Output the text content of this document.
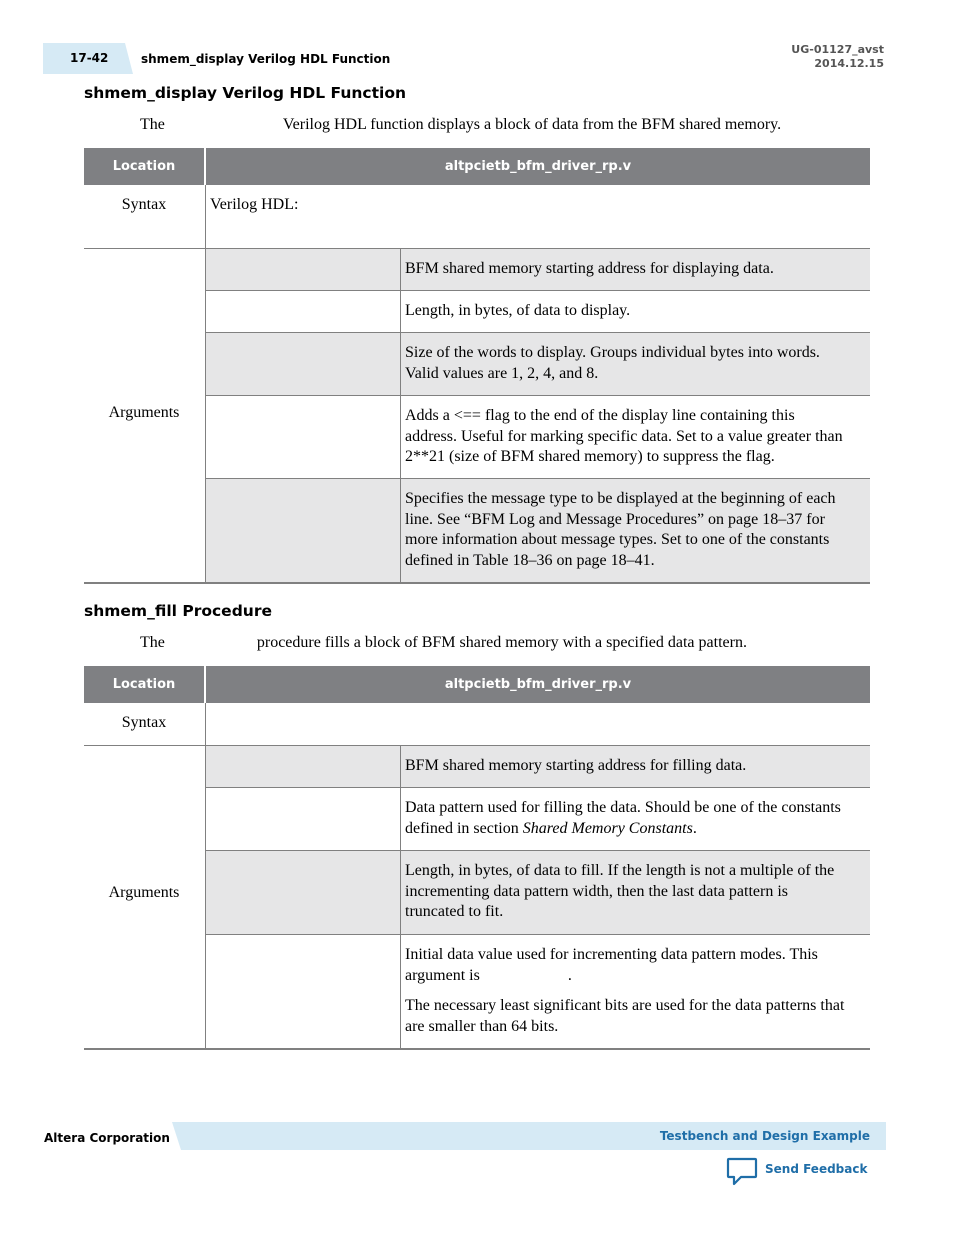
17-42	shmem_display Verilog HDL Function
UG-01127_avst
2014.12.15
shmem_display Verilog HDL Function

The	Verilog HDL function displays a block of data from the BFM shared memory.

Location	altpcietb_bfm_driver_rp.v
Syntax	Verilog HDL:
Arguments
BFM shared memory starting address for displaying data.
Length, in bytes, of data to display.
Size of the words to display. Groups individual bytes into words. Valid values are 1, 2, 4, and 8.
Adds a <== flag to the end of the display line containing this address. Useful for marking specific data. Set to a value greater than 2**21 (size of BFM shared memory) to suppress the flag.
Specifies the message type to be displayed at the beginning of each line. See “BFM Log and Message Procedures” on page 18–37 for more information about message types. Set to one of the constants defined in Table 18–36 on page 18–41.
shmem_fill Procedure

The	procedure fills a block of BFM shared memory with a specified data pattern.

Location	altpcietb_bfm_driver_rp.v
Syntax
Arguments
BFM shared memory starting address for filling data.
Data pattern used for filling the data. Should be one of the constants defined in section Shared Memory Constants.
Length, in bytes, of data to fill. If the length is not a multiple of the incrementing data pattern width, then the last data pattern is truncated to fit.

Initial data value used for incrementing data pattern modes. This argument is	.

The necessary least significant bits are used for the data patterns that are smaller than 64 bits.

Altera Corporation	Testbench and Design Example
Send Feedback
